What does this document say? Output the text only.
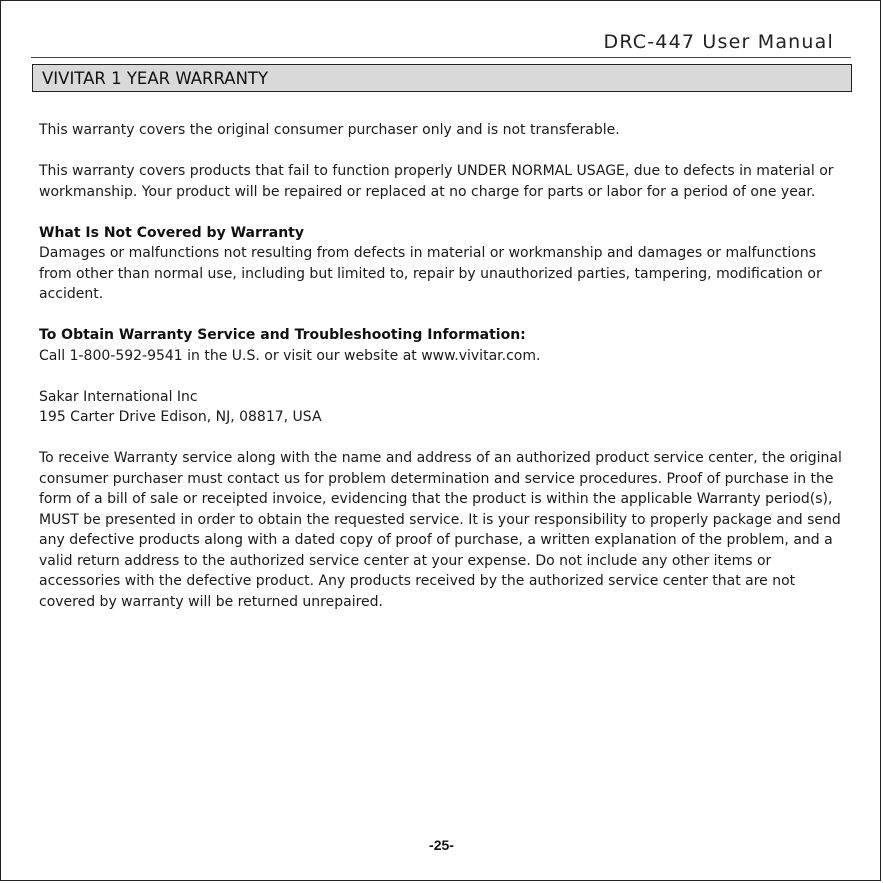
DRC-447 User Manual
VIVITAR 1 YEAR WARRANTY

This warranty covers the original consumer purchaser only and is not transferable.

This warranty covers products that fail to function properly UNDER NORMAL USAGE, due to defects in material or workmanship. Your product will be repaired or replaced at no charge for parts or labor for a period of one year.

What Is Not Covered by Warranty
Damages or malfunctions not resulting from defects in material or workmanship and damages or malfunctions from other than normal use, including but limited to, repair by unauthorized parties, tampering, modification or accident.

To Obtain Warranty Service and Troubleshooting Information:
Call 1-800-592-9541 in the U.S. or visit our website at www.vivitar.com.

Sakar International Inc
195 Carter Drive Edison, NJ, 08817, USA

To receive Warranty service along with the name and address of an authorized product service center, the original consumer purchaser must contact us for problem determination and service procedures. Proof of purchase in the form of a bill of sale or receipted invoice, evidencing that the product is within the applicable Warranty period(s), MUST be presented in order to obtain the requested service. It is your responsibility to properly package and send any defective products along with a dated copy of proof of purchase, a written explanation of the problem, and a valid return address to the authorized service center at your expense. Do not include any other items or accessories with the defective product. Any products received by the authorized service center that are not covered by warranty will be returned unrepaired.

-25-
